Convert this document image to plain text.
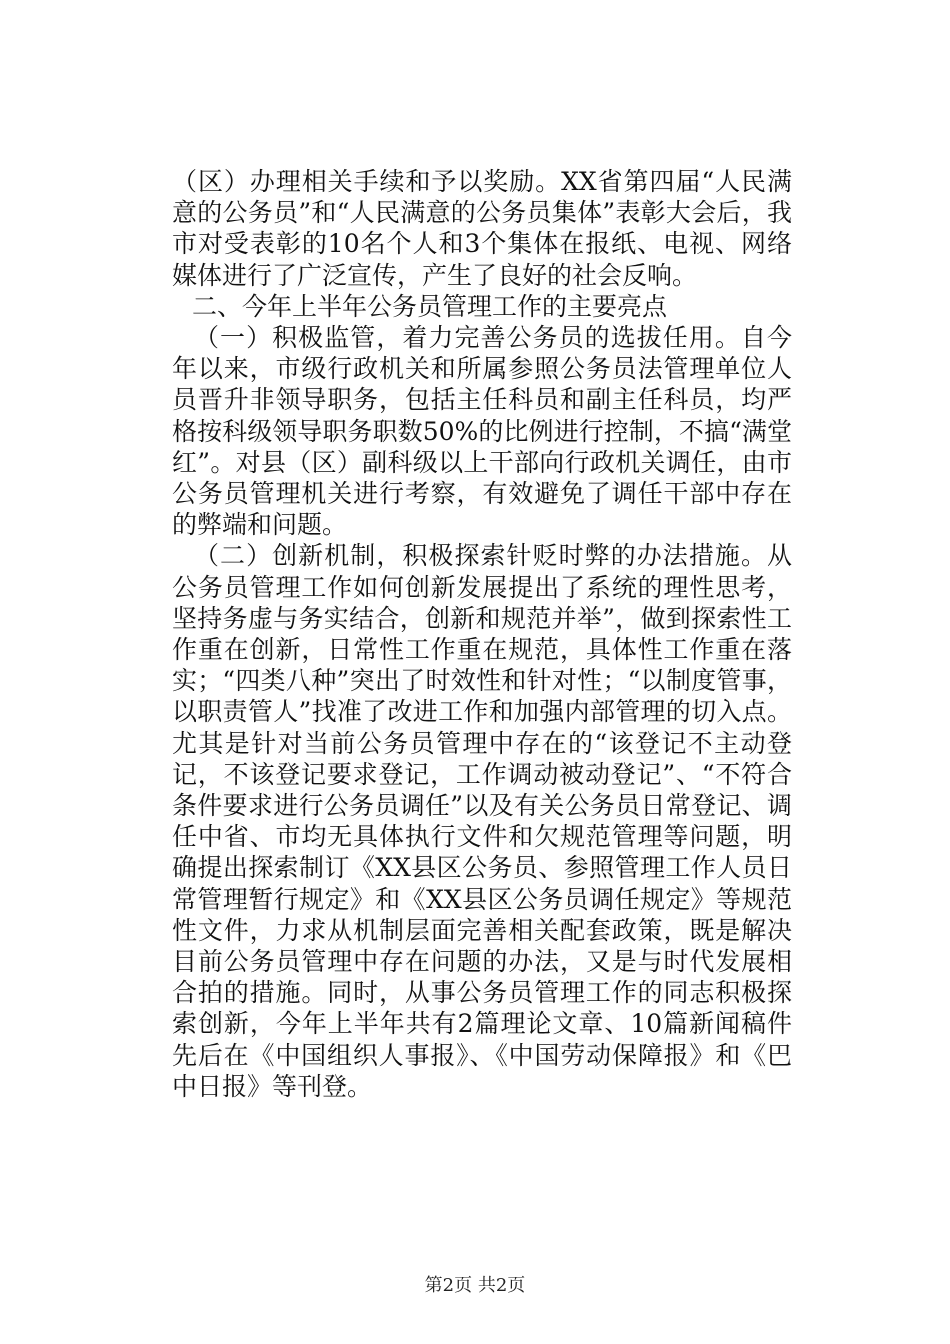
（区）办理相关手续和予以奖励。XX省第四届“人民满意的公务员”和“人民满意的公务员集体”表彰大会后，我市对受表彰的10名个人和3个集体在报纸、电视、网络媒体进行了广泛宣传，产生了良好的社会反响。

二、今年上半年公务员管理工作的主要亮点

（一）积极监管，着力完善公务员的选拔任用。自今年以来，市级行政机关和所属参照公务员法管理单位人员晋升非领导职务，包括主任科员和副主任科员，均严格按科级领导职务职数50%的比例进行控制，不搞“满堂红”。对县（区）副科级以上干部向行政机关调任，由市公务员管理机关进行考察，有效避免了调任干部中存在的弊端和问题。

（二）创新机制，积极探索针贬时弊的办法措施。从公务员管理工作如何创新发展提出了系统的理性思考，坚持务虚与务实结合，创新和规范并举”，做到探索性工作重在创新，日常性工作重在规范，具体性工作重在落实；“四类八种”突出了时效性和针对性；“以制度管事，以职责管人”找准了改进工作和加强内部管理的切入点。尤其是针对当前公务员管理中存在的“该登记不主动登记，不该登记要求登记，工作调动被动登记”、“不符合条件要求进行公务员调任”以及有关公务员日常登记、调任中省、市均无具体执行文件和欠规范管理等问题，明确提出探索制订《XX县区公务员、参照管理工作人员日常管理暂行规定》和《XX县区公务员调任规定》等规范性文件，力求从机制层面完善相关配套政策，既是解决目前公务员管理中存在问题的办法，又是与时代发展相合拍的措施。同时，从事公务员管理工作的同志积极探索创新，今年上半年共有2篇理论文章、10篇新闻稿件先后在《中国组织人事报》、《中国劳动保障报》和《巴中日报》等刊登。

第2页 共2页
